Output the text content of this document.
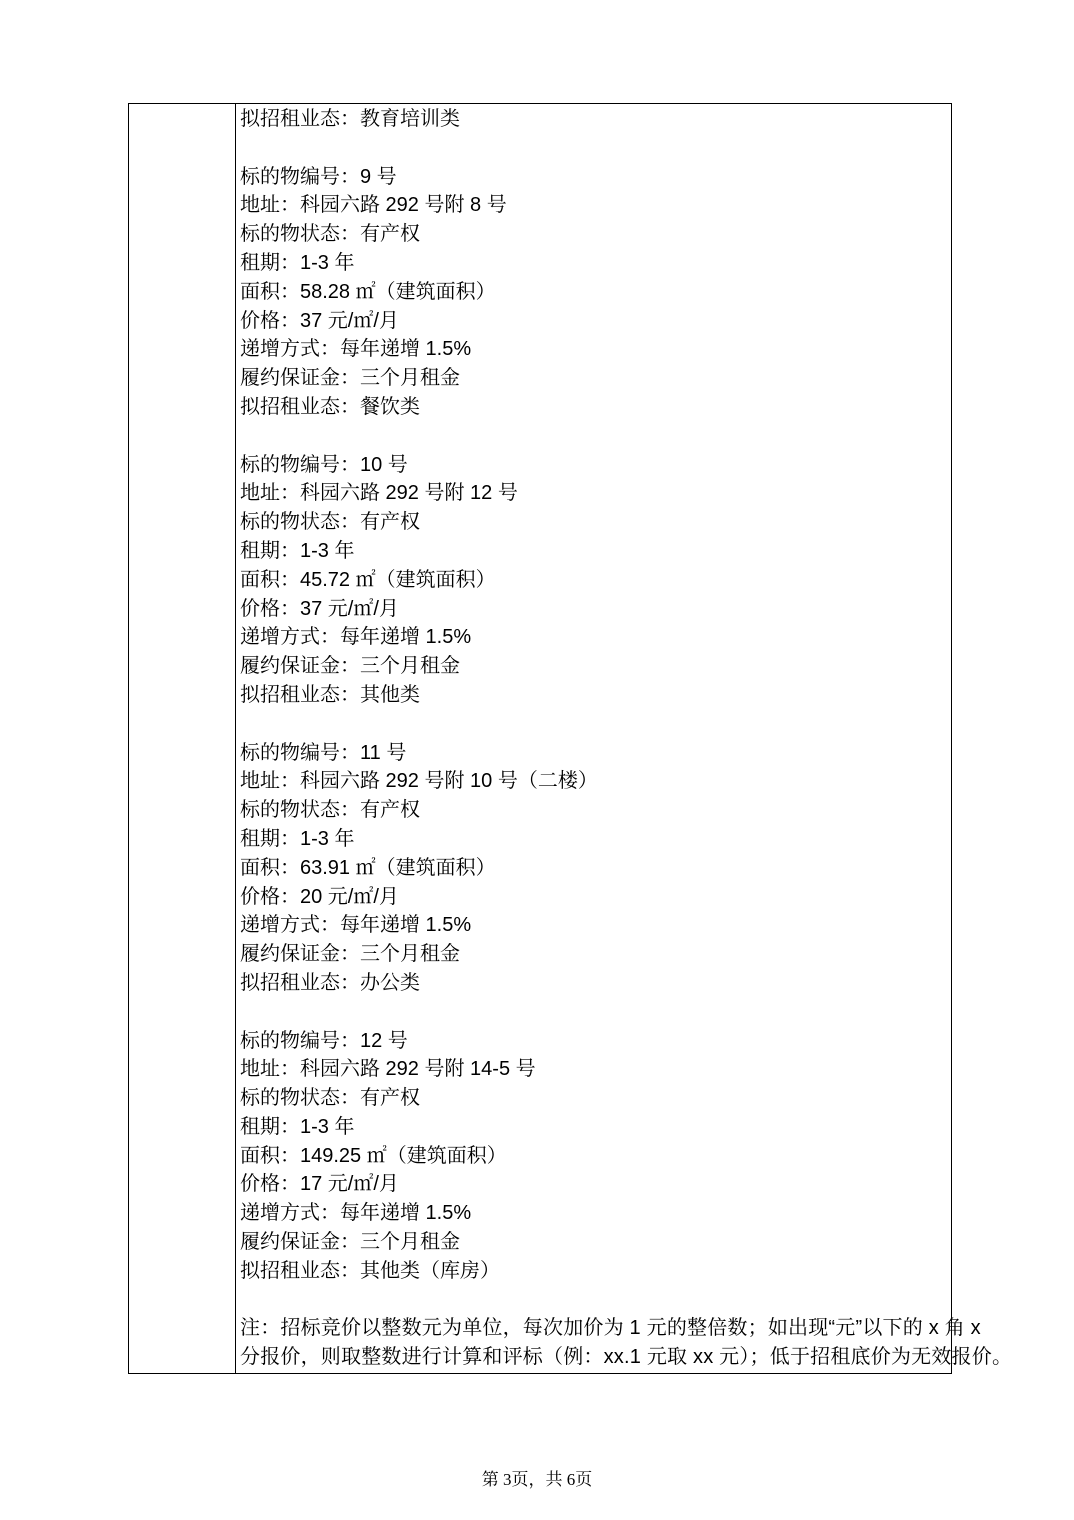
拟招租业态：教育培训类
标的物编号：9 号
地址：科园六路 292 号附 8 号
标的物状态：有产权
租期：1-3 年
面积：58.28 ㎡（建筑面积）
价格：37 元/㎡/月
递增方式：每年递增 1.5%
履约保证金：三个月租金
拟招租业态：餐饮类
标的物编号：10 号
地址：科园六路 292 号附 12 号
标的物状态：有产权
租期：1-3 年
面积：45.72 ㎡（建筑面积）
价格：37 元/㎡/月
递增方式：每年递增 1.5%
履约保证金：三个月租金
拟招租业态：其他类
标的物编号：11 号
地址：科园六路 292 号附 10 号（二楼）
标的物状态：有产权
租期：1-3 年
面积：63.91 ㎡（建筑面积）
价格：20 元/㎡/月
递增方式：每年递增 1.5%
履约保证金：三个月租金
拟招租业态：办公类
标的物编号：12 号
地址：科园六路 292 号附 14-5 号
标的物状态：有产权
租期：1-3 年
面积：149.25 ㎡（建筑面积）
价格：17 元/㎡/月
递增方式：每年递增 1.5%
履约保证金：三个月租金
拟招租业态：其他类（库房）
注：招标竞价以整数元为单位，每次加价为 1 元的整倍数；如出现“元”以下的 x 角 x
分报价，则取整数进行计算和评标（例：xx.1 元取 xx 元）；低于招租底价为无效报价。
第 3页，共 6页
